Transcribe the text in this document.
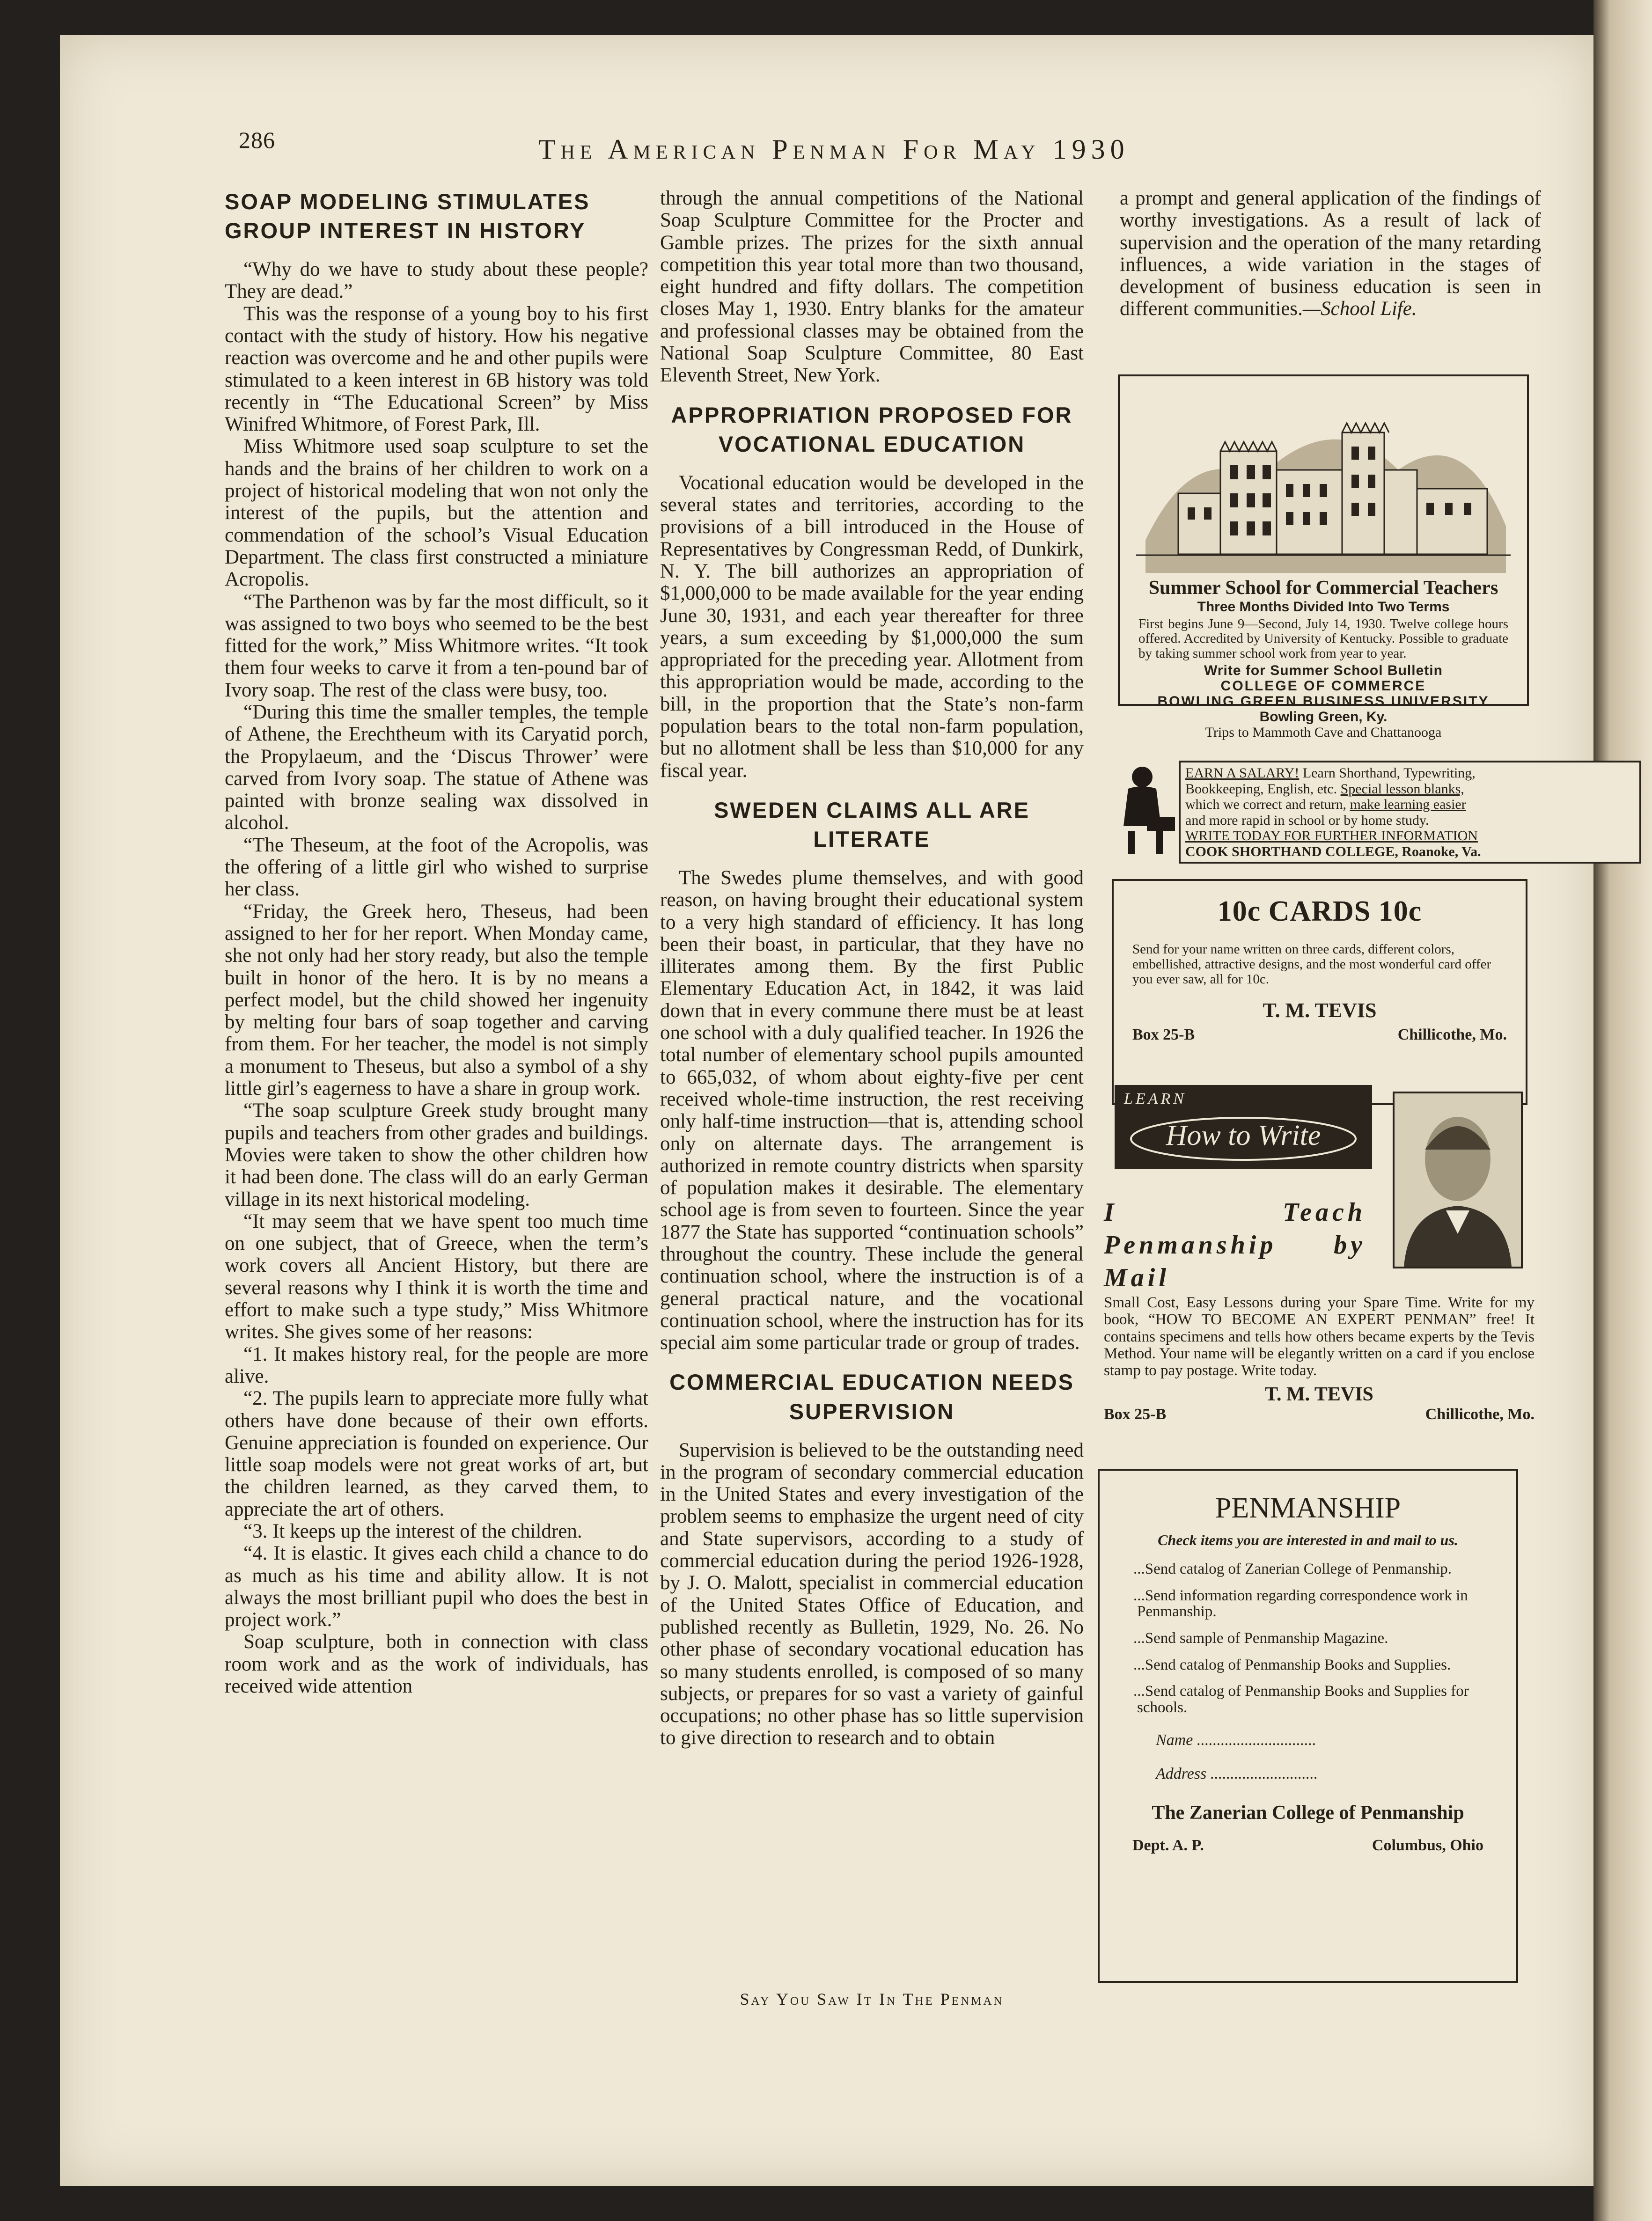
286	The American Penman For May 1930
SOAP MODELING STIMULATES GROUP INTEREST IN HISTORY

“Why do we have to study about these people? They are dead.”

This was the response of a young boy to his first contact with the study of history. How his negative reaction was overcome and he and other pupils were stimulated to a keen interest in 6B history was told recently in “The Educational Screen” by Miss Winifred Whitmore, of Forest Park, Ill.

Miss Whitmore used soap sculpture to set the hands and the brains of her children to work on a project of historical modeling that won not only the interest of the pupils, but the attention and commendation of the school’s Visual Education Department. The class first constructed a miniature Acropolis.

“The Parthenon was by far the most difficult, so it was assigned to two boys who seemed to be the best fitted for the work,” Miss Whitmore writes. “It took them four weeks to carve it from a ten-pound bar of Ivory soap. The rest of the class were busy, too.

“During this time the smaller temples, the temple of Athene, the Erechtheum with its Caryatid porch, the Propylaeum, and the ‘Discus Thrower’ were carved from Ivory soap. The statue of Athene was painted with bronze sealing wax dissolved in alcohol.

“The Theseum, at the foot of the Acropolis, was the offering of a little girl who wished to surprise her class.

“Friday, the Greek hero, Theseus, had been assigned to her for her report. When Monday came, she not only had her story ready, but also the temple built in honor of the hero. It is by no means a perfect model, but the child showed her ingenuity by melting four bars of soap together and carving from them. For her teacher, the model is not simply a monument to Theseus, but also a symbol of a shy little girl’s eagerness to have a share in group work.

“The soap sculpture Greek study brought many pupils and teachers from other grades and buildings. Movies were taken to show the other children how it had been done. The class will do an early German village in its next historical modeling.

“It may seem that we have spent too much time on one subject, that of Greece, when the term’s work covers all Ancient History, but there are several reasons why I think it is worth the time and effort to make such a type study,” Miss Whitmore writes. She gives some of her reasons:

“1. It makes history real, for the people are more alive.

“2. The pupils learn to appreciate more fully what others have done because of their own efforts. Genuine appreciation is founded on experience. Our little soap models were not great works of art, but the children learned, as they carved them, to appreciate the art of others.

“3. It keeps up the interest of the children.

“4. It is elastic. It gives each child a chance to do as much as his time and ability allow. It is not always the most brilliant pupil who does the best in project work.”

Soap sculpture, both in connection with class room work and as the work of individuals, has received wide attention

through the annual competitions of the National Soap Sculpture Committee for the Procter and Gamble prizes. The prizes for the sixth annual competition this year total more than two thousand, eight hundred and fifty dollars. The competition closes May 1, 1930. Entry blanks for the amateur and professional classes may be obtained from the National Soap Sculpture Committee, 80 East Eleventh Street, New York.

APPROPRIATION PROPOSED FOR VOCATIONAL EDUCATION

Vocational education would be developed in the several states and territories, according to the provisions of a bill introduced in the House of Representatives by Congressman Redd, of Dunkirk, N. Y. The bill authorizes an appropriation of $1,000,000 to be made available for the year ending June 30, 1931, and each year thereafter for three years, a sum exceeding by $1,000,000 the sum appropriated for the preceding year. Allotment from this appropriation would be made, according to the bill, in the proportion that the State’s non-farm population bears to the total non-farm population, but no allotment shall be less than $10,000 for any fiscal year.

SWEDEN CLAIMS ALL ARE LITERATE

The Swedes plume themselves, and with good reason, on having brought their educational system to a very high standard of efficiency. It has long been their boast, in particular, that they have no illiterates among them. By the first Public Elementary Education Act, in 1842, it was laid down that in every commune there must be at least one school with a duly qualified teacher. In 1926 the total number of elementary school pupils amounted to 665,032, of whom about eighty-five per cent received whole-time instruction, the rest receiving only half-time instruction—that is, attending school only on alternate days. The arrangement is authorized in remote country districts when sparsity of population makes it desirable. The elementary school age is from seven to fourteen. Since the year 1877 the State has supported “continuation schools” throughout the country. These include the general continuation school, where the instruction is of a general practical nature, and the vocational continuation school, where the instruction has for its special aim some particular trade or group of trades.

COMMERCIAL EDUCATION NEEDS SUPERVISION

Supervision is believed to be the outstanding need in the program of secondary commercial education in the United States and every investigation of the problem seems to emphasize the urgent need of city and State supervisors, according to a study of commercial education during the period 1926-1928, by J. O. Malott, specialist in commercial education of the United States Office of Education, and published recently as Bulletin, 1929, No. 26. No other phase of secondary vocational education has so many students enrolled, is composed of so many subjects, or prepares for so vast a variety of gainful occupations; no other phase has so little supervision to give direction to research and to obtain

a prompt and general application of the findings of worthy investigations. As a result of lack of supervision and the operation of the many retarding influences, a wide variation in the stages of development of business education is seen in different communities.—School Life.

Summer School for Commercial Teachers
Three Months Divided Into Two Terms
First begins June 9—Second, July 14, 1930. Twelve college hours offered. Accredited by University of Kentucky. Possible to graduate by taking summer school work from year to year.
Write for Summer School Bulletin
COLLEGE OF COMMERCE
BOWLING GREEN BUSINESS UNIVERSITY
Bowling Green, Ky.
Trips to Mammoth Cave and Chattanooga
EARN A SALARY! Learn Shorthand, Typewriting,
Bookkeeping, English, etc. Special lesson blanks,
which we correct and return, make learning easier
and more rapid in school or by home study.
WRITE TODAY FOR FURTHER INFORMATION
COOK SHORTHAND COLLEGE, Roanoke, Va.
10c CARDS 10c
Send for your name written on three cards, different colors, embellished, attractive designs, and the most wonderful card offer you ever saw, all for 10c.
T. M. TEVIS
Box 25-B	Chillicothe, Mo.
LEARN
How to Write
I Teach Penmanship by Mail
Small Cost, Easy Lessons during your Spare Time. Write for my book, “HOW TO BECOME AN EXPERT PENMAN” free! It contains specimens and tells how others became experts by the Tevis Method. Your name will be elegantly written on a card if you enclose stamp to pay postage. Write today.
T. M. TEVIS
Box 25-B	Chillicothe, Mo.
PENMANSHIP
Check items you are interested in and mail to us.
...Send catalog of Zanerian College of Penmanship.
...Send information regarding correspondence work in Penmanship.
...Send sample of Penmanship Magazine.
...Send catalog of Penmanship Books and Supplies.
...Send catalog of Penmanship Books and Supplies for schools.
Name ..............................
Address ...........................
The Zanerian College of Penmanship
Dept. A. P.	Columbus, Ohio
Say You Saw It In The Penman
